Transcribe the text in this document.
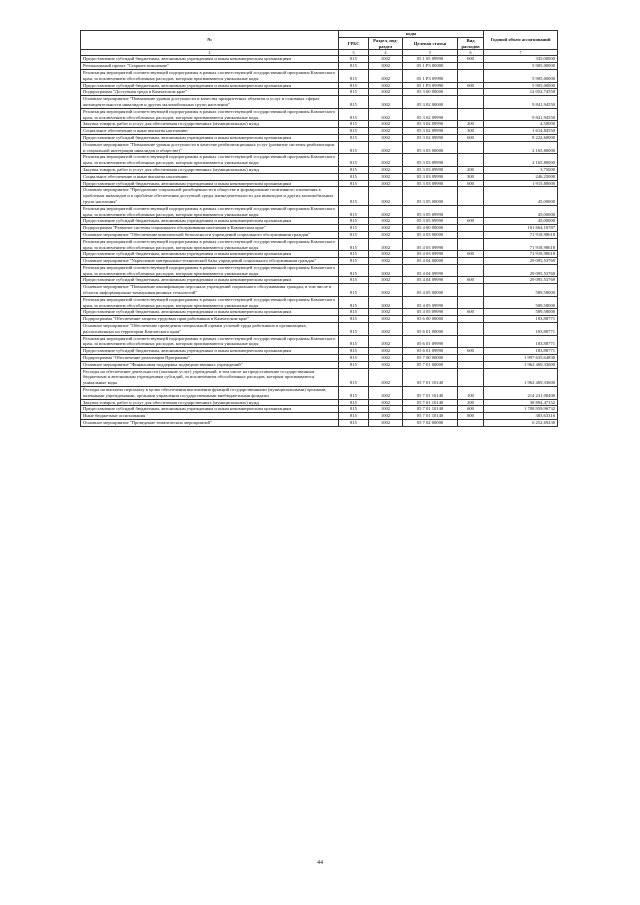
№	коды				Годовой объем ассигнований
	ГРБС	Раздел, под-раздел	Целевая статья	Вид расходов	
2	3	4	5	6	7
Предоставление субсидий бюджетным, автономным учреждениям и иным некоммерческим организациям	815	1002	05 1 05 09990	600	335,00000
Региональный проект "Старшее поколение"	815	1002	05 1 P3 00000		5 905,00000
Реализация мероприятий соответствующей подпрограммы в рамках соответствующей государственной программы Камчатского края, за исключением обособленных расходов, которым присваиваются уникальные коды	815	1002	05 1 P3 09990		5 905,00000
Предоставление субсидий бюджетным, автономным учреждениям и иным некоммерческим организациям	815	1002	05 1 P3 09990	600	5 905,00000
Подпрограмма "Доступная среда в Камчатском крае"	815	1002	05 3 00 00000		12 052,74550
Основное мероприятие "Повышение уровня доступности и качества приоритетных объектов и услуг в основных сферах жизнедеятельности инвалидов и других маломобильных групп населения"	815	1002	05 3 02 00000		9 841,94550
Реализация мероприятий соответствующей подпрограммы в рамках соответствующей государственной программы Камчатского края, за исключением обособленных расходов, которым присваиваются уникальные коды	815	1002	05 3 02 09990		9 841,94550
Закупка товаров, работ и услуг для обеспечения государственных (муниципальных) нужд	815	1002	05 3 02 09990	200	4,50000
Социальное обеспечение и иные выплаты населению	815	1002	05 3 02 09990	300	1 614,84550
Предоставление субсидий бюджетным, автономным учреждениям и иным некоммерческим организациям	815	1002	05 3 02 09990	600	8 222,60000
Основное мероприятие "Повышение уровня доступности в качестве реабилитационных услуг (развитие системы реабилитации и социальной интеграции инвалидов и обществе)"	815	1002	05 3 03 00000		2 165,80000
Реализация мероприятий соответствующей подпрограммы в рамках соответствующей государственной программы Камчатского края, за исключением обособленных расходов, которым присваиваются уникальные коды	815	1002	05 3 03 09990		2 165,80000
Закупка товаров, работ и услуг для обеспечения государственных (муниципальных) нужд	815	1002	05 3 03 09990	200	3,75000
Социальное обеспечение и иные выплаты населению	815	1002	05 3 03 09990	300	246,25000
Предоставление субсидий бюджетным, автономным учреждениям и иным некоммерческим организациям	815	1002	05 3 03 09990	600	1 915,80000
Основное мероприятие "Преодоление социальной разобщенности в обществе и формирование позитивного отношения к проблемам инвалидов и к проблеме обеспечения доступной среды жизнедеятельности для инвалидов и других маломобильных групп населения"	815	1002	05 3 05 00000		45,00000
Реализация мероприятий соответствующей подпрограммы в рамках соответствующей государственной программы Камчатского края, за исключением обособленных расходов, которым присваиваются уникальные коды	815	1002	05 3 05 09990		45,00000
Предоставление субсидий бюджетным, автономным учреждениям и иным некоммерческим организациям	815	1002	05 3 05 09990	600	45,00000
Подпрограмма "Развитие системы социального обслуживания населения в Камчатском крае"	815	1002	05 4 00 00000		101 664,10787
Основное мероприятие "Обеспечение комплексной безопасности учреждений социального обслуживания граждан"	815	1002	05 4 03 00000		71 918,98618
Реализация мероприятий соответствующей подпрограммы в рамках соответствующей государственной программы Камчатского края, за исключением обособленных расходов, которым присваиваются уникальные коды	815	1002	05 4 03 09990		71 918,98618
Предоставление субсидий бюджетным, автономным учреждениям и иным некоммерческим организациям	815	1002	05 4 03 09990	600	71 918,98618
Основное мероприятие "Укрепление материально-технической базы учреждений социального обслуживания граждан"	815	1002	05 4 04 00000		29 095,53769
Реализация мероприятий соответствующей подпрограммы в рамках соответствующей государственной программы Камчатского края, за исключением обособленных расходов, которым присваиваются уникальные коды	815	1002	05 4 04 09990		29 095,53769
Предоставление субсидий бюджетным, автономным учреждениям и иным некоммерческим организациям	815	1002	05 4 04 09990	600	29 095,53769
Основное мероприятие "Повышение квалификации персонала учреждений социального обслуживания граждан, в том числе в области информационно-коммуникационных технологий"	815	1002	05 4 05 00000		589,58000
Реализация мероприятий соответствующей подпрограммы в рамках соответствующей государственной программы Камчатского края, за исключением обособленных расходов, которым присваиваются уникальные коды	815	1002	05 4 05 09990		589,58000
Предоставление субсидий бюджетным, автономным учреждениям и иным некоммерческим организациям	815	1002	05 4 05 09990	600	589,58000
Подпрограмма "Обеспечение защиты трудовых прав работников в Камчатском крае"	815	1002	05 6 00 00000		183,88771
Основное мероприятие "Обеспечение проведения специальной оценки условий труда работников в организациях, расположенных на территории Камчатского края"	815	1002	05 6 01 00000		183,88771
Реализация мероприятий соответствующей подпрограммы в рамках соответствующей государственной программы Камчатского края, за исключением обособленных расходов, которым присваиваются уникальные коды	815	1002	05 6 01 09990		183,88771
Предоставление субсидий бюджетным, автономным учреждениям и иным некоммерческим организациям	815	1002	05 6 01 09990	600	183,88771
Подпрограмма "Обеспечение реализации Программы"	815	1002	05 7 00 00000		1 997 635,64830
Основное мероприятие "Финансовая поддержка подведомственных учреждений"	815	1002	05 7 01 00000		1 962 469,33600
Расходы на обеспечение деятельности (оказание услуг) учреждений, в том числе на предоставление государственным бюджетным и автономным учреждениям субсидий, за исключением обособленных расходов, которым присваиваются уникальные коды	815	1002	05 7 01 10140		1 962 469,33600
Расходы на выплаты персоналу в целях обеспечения выполнения функций государственными (муниципальными) органами, казенными учреждениями, органами управления государственными внебюджетными фондами	815	1002	05 7 01 10140	100	214 231,08400
Закупка товаров, работ и услуг для обеспечения государственных (муниципальных) нужд	815	1002	05 7 01 10140	200	38 894,47152
Предоставление субсидий бюджетным, автономным учреждениям и иным некоммерческим организациям	815	1002	05 7 01 10140	600	1 708 959,96732
Иные бюджетные ассигнования	815	1002	05 7 01 10140	800	383,63316
Основное мероприятие "Проведение тематических мероприятий"	815	1002	05 7 02 00000		6 252,69230
44
